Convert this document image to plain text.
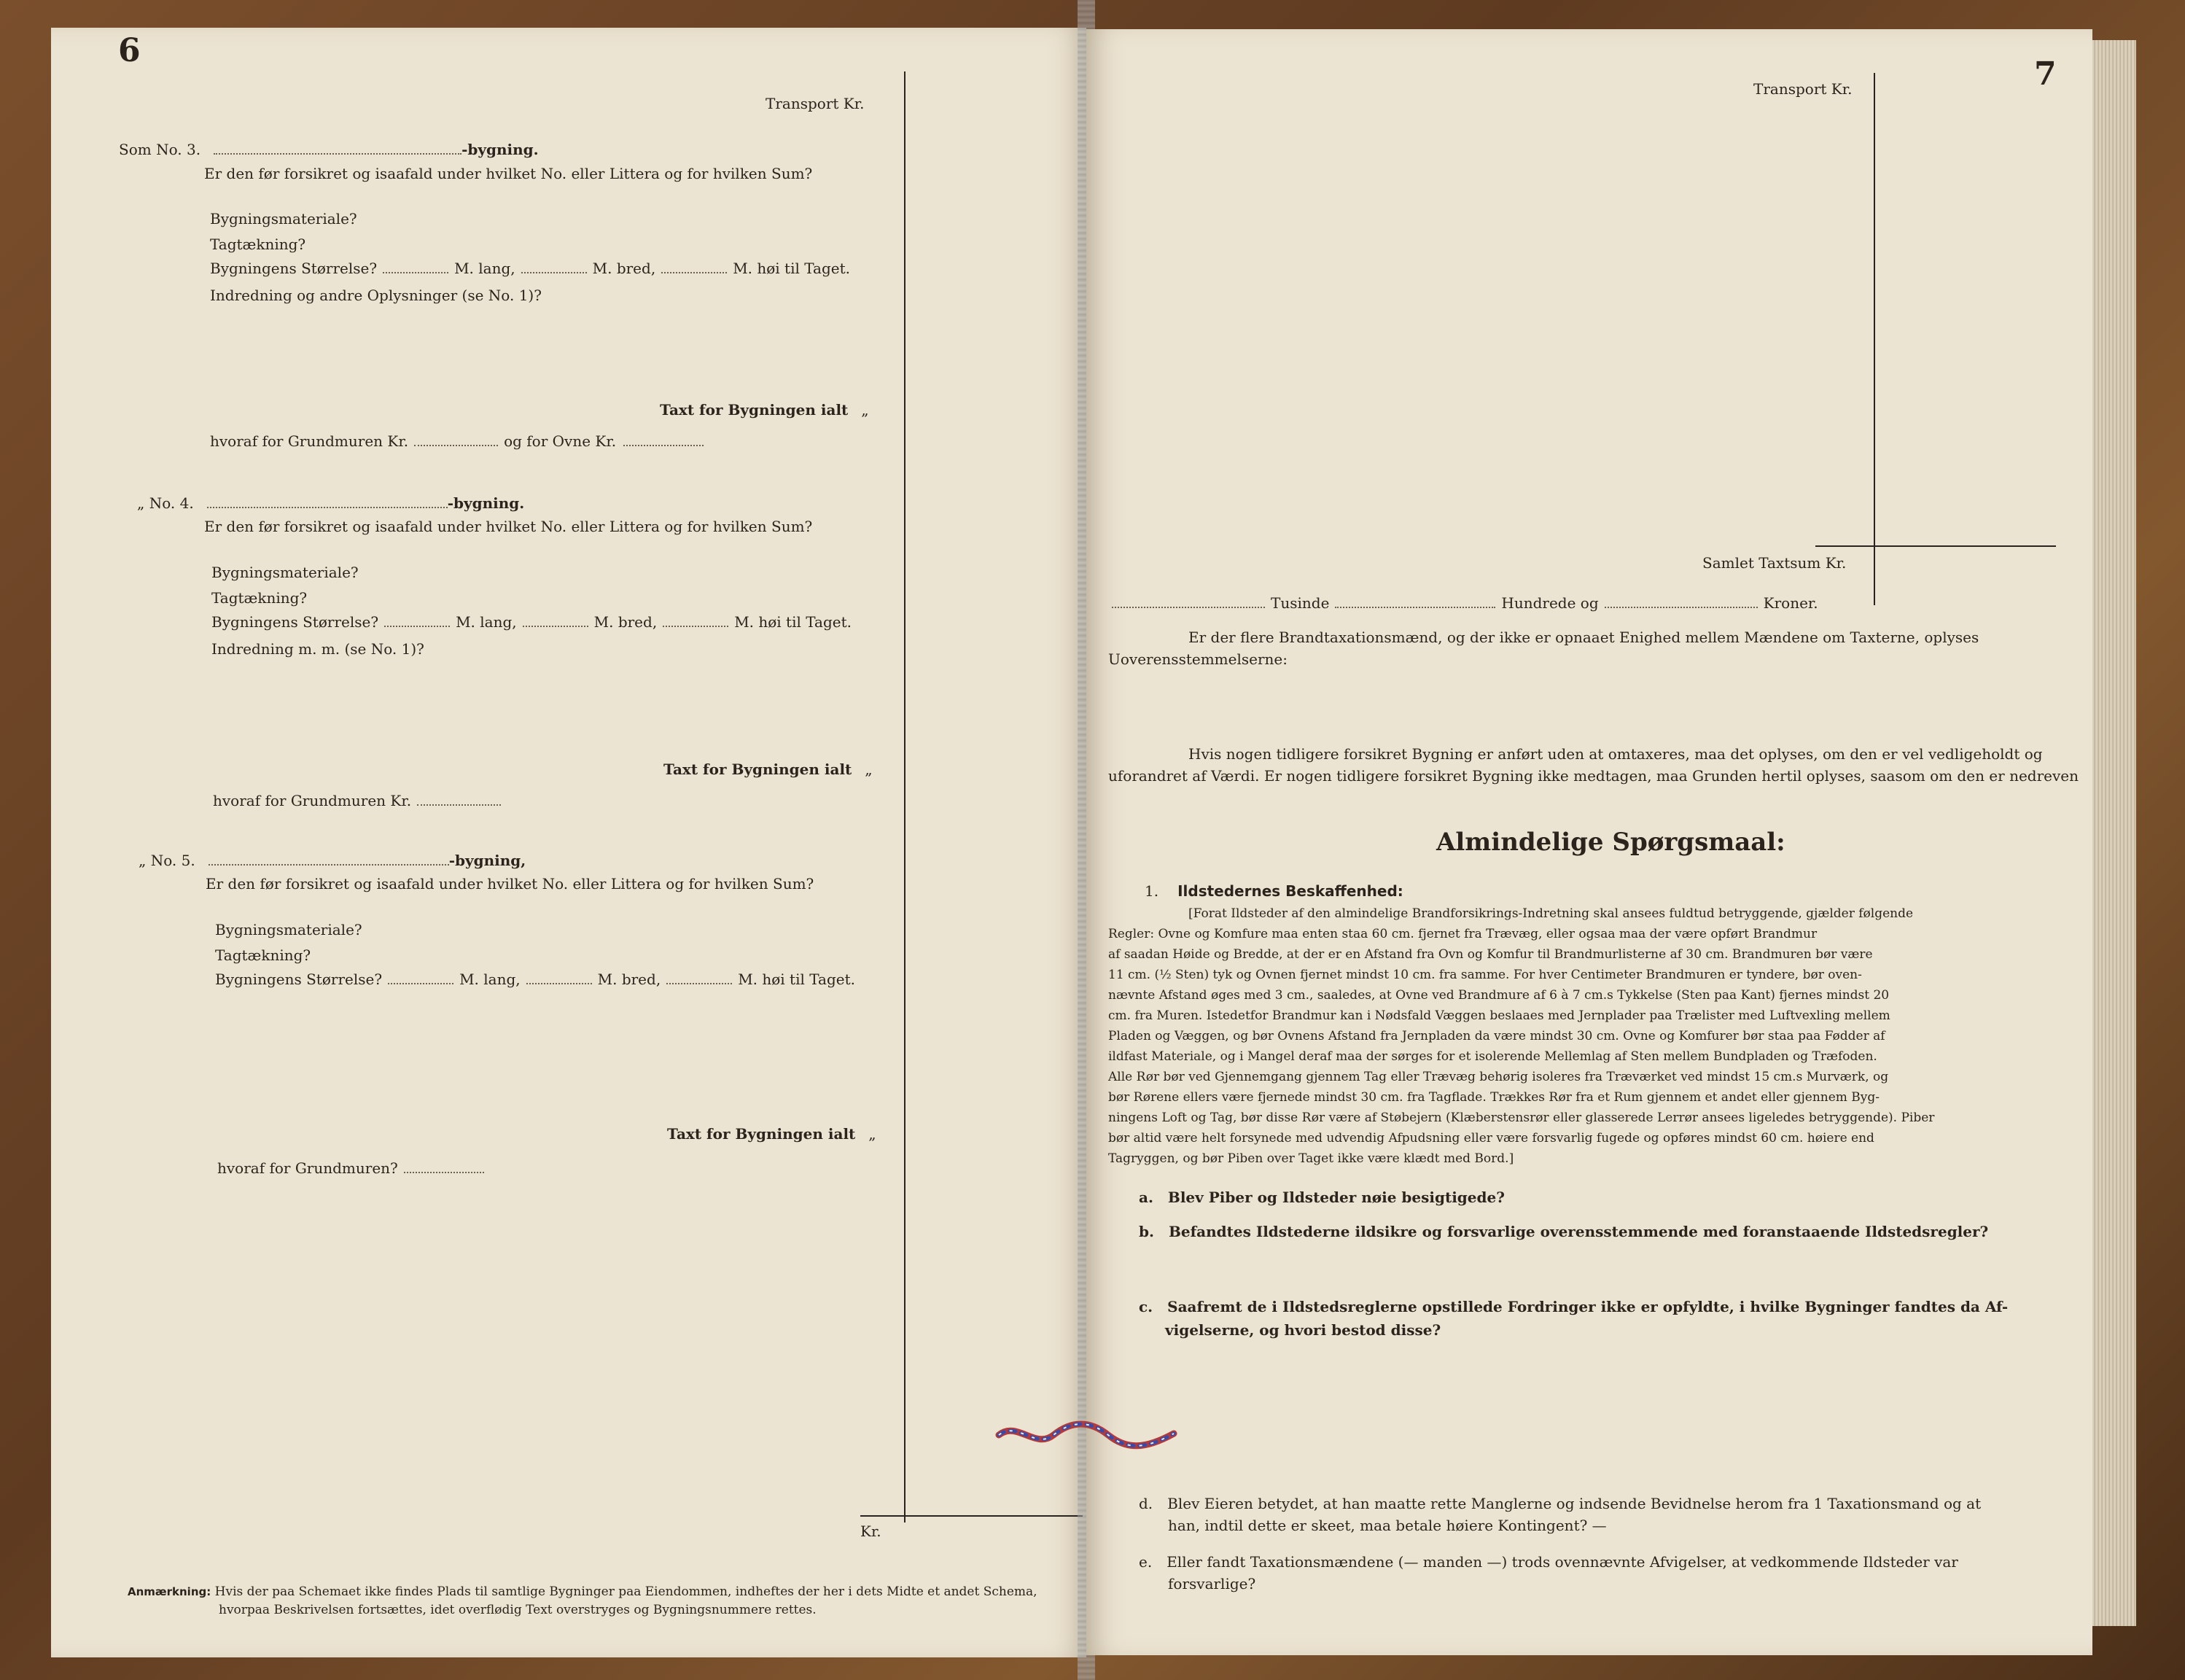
6
Transport Kr.
Kr.
Som No. 3.	-bygning.
Er den før forsikret og isaafald under hvilket No. eller Littera og for hvilken Sum?
Bygningsmateriale?
Tagtækning?
Bygningens Størrelse?	M. lang,	M. bred,	M. høi til Taget.
Indredning og andre Oplysninger (se No. 1)?
Taxt for Bygningen ialt „
hvoraf for Grundmuren Kr.	og for Ovne Kr.
„ No. 4.	-bygning.
Er den før forsikret og isaafald under hvilket No. eller Littera og for hvilken Sum?
Bygningsmateriale?
Tagtækning?
Bygningens Størrelse?	M. lang,	M. bred,	M. høi til Taget.
Indredning m. m. (se No. 1)?
Taxt for Bygningen ialt „
hvoraf for Grundmuren Kr.
„ No. 5.	-bygning,
Er den før forsikret og isaafald under hvilket No. eller Littera og for hvilken Sum?
Bygningsmateriale?
Tagtækning?
Bygningens Størrelse?	M. lang,	M. bred,	M. høi til Taget.
Taxt for Bygningen ialt „
hvoraf for Grundmuren?
Anmærkning: Hvis der paa Schemaet ikke findes Plads til samtlige Bygninger paa Eiendommen, indheftes der her i dets Midte et andet Schema,
hvorpaa Beskrivelsen fortsættes, idet overflødig Text overstryges og Bygningsnummere rettes.
7
Transport Kr.
Samlet Taxtsum Kr.
Tusinde	Hundrede og	Kroner.
Er der flere Brandtaxationsmænd, og der ikke er opnaaet Enighed mellem Mændene om Taxterne, oplyses
Uoverensstemmelserne:
Hvis nogen tidligere forsikret Bygning er anført uden at omtaxeres, maa det oplyses, om den er vel vedligeholdt og
uforandret af Værdi. Er nogen tidligere forsikret Bygning ikke medtagen, maa Grunden hertil oplyses, saasom om den er nedreven
Almindelige Spørgsmaal:
1. Ildstedernes Beskaffenhed:
[Forat Ildsteder af den almindelige Brandforsikrings-Indretning skal ansees fuldtud betryggende, gjælder følgende
Regler: Ovne og Komfure maa enten staa 60 cm. fjernet fra Trævæg, eller ogsaa maa der være opført Brandmur
af saadan Høide og Bredde, at der er en Afstand fra Ovn og Komfur til Brandmurlisterne af 30 cm. Brandmuren bør være
11 cm. (½ Sten) tyk og Ovnen fjernet mindst 10 cm. fra samme. For hver Centimeter Brandmuren er tyndere, bør oven-
nævnte Afstand øges med 3 cm., saaledes, at Ovne ved Brandmure af 6 à 7 cm.s Tykkelse (Sten paa Kant) fjernes mindst 20
cm. fra Muren. Istedetfor Brandmur kan i Nødsfald Væggen beslaaes med Jernplader paa Trælister med Luftvexling mellem
Pladen og Væggen, og bør Ovnens Afstand fra Jernpladen da være mindst 30 cm. Ovne og Komfurer bør staa paa Fødder af
ildfast Materiale, og i Mangel deraf maa der sørges for et isolerende Mellemlag af Sten mellem Bundpladen og Træfoden.
Alle Rør bør ved Gjennemgang gjennem Tag eller Trævæg behørig isoleres fra Træværket ved mindst 15 cm.s Murværk, og
bør Rørene ellers være fjernede mindst 30 cm. fra Tagflade. Trækkes Rør fra et Rum gjennem et andet eller gjennem Byg-
ningens Loft og Tag, bør disse Rør være af Støbejern (Klæberstensrør eller glasserede Lerrør ansees ligeledes betryggende). Piber
bør altid være helt forsynede med udvendig Afpudsning eller være forsvarlig fugede og opføres mindst 60 cm. høiere end
Tagryggen, og bør Piben over Taget ikke være klædt med Bord.]
a. Blev Piber og Ildsteder nøie besigtigede?
b. Befandtes Ildstederne ildsikre og forsvarlige overensstemmende med foranstaaende Ildstedsregler?
c. Saafremt de i Ildstedsreglerne opstillede Fordringer ikke er opfyldte, i hvilke Bygninger fandtes da Af-
vigelserne, og hvori bestod disse?
d. Blev Eieren betydet, at han maatte rette Manglerne og indsende Bevidnelse herom fra 1 Taxationsmand og at
han, indtil dette er skeet, maa betale høiere Kontingent? —
e. Eller fandt Taxationsmændene (— manden —) trods ovennævnte Afvigelser, at vedkommende Ildsteder var
forsvarlige?
